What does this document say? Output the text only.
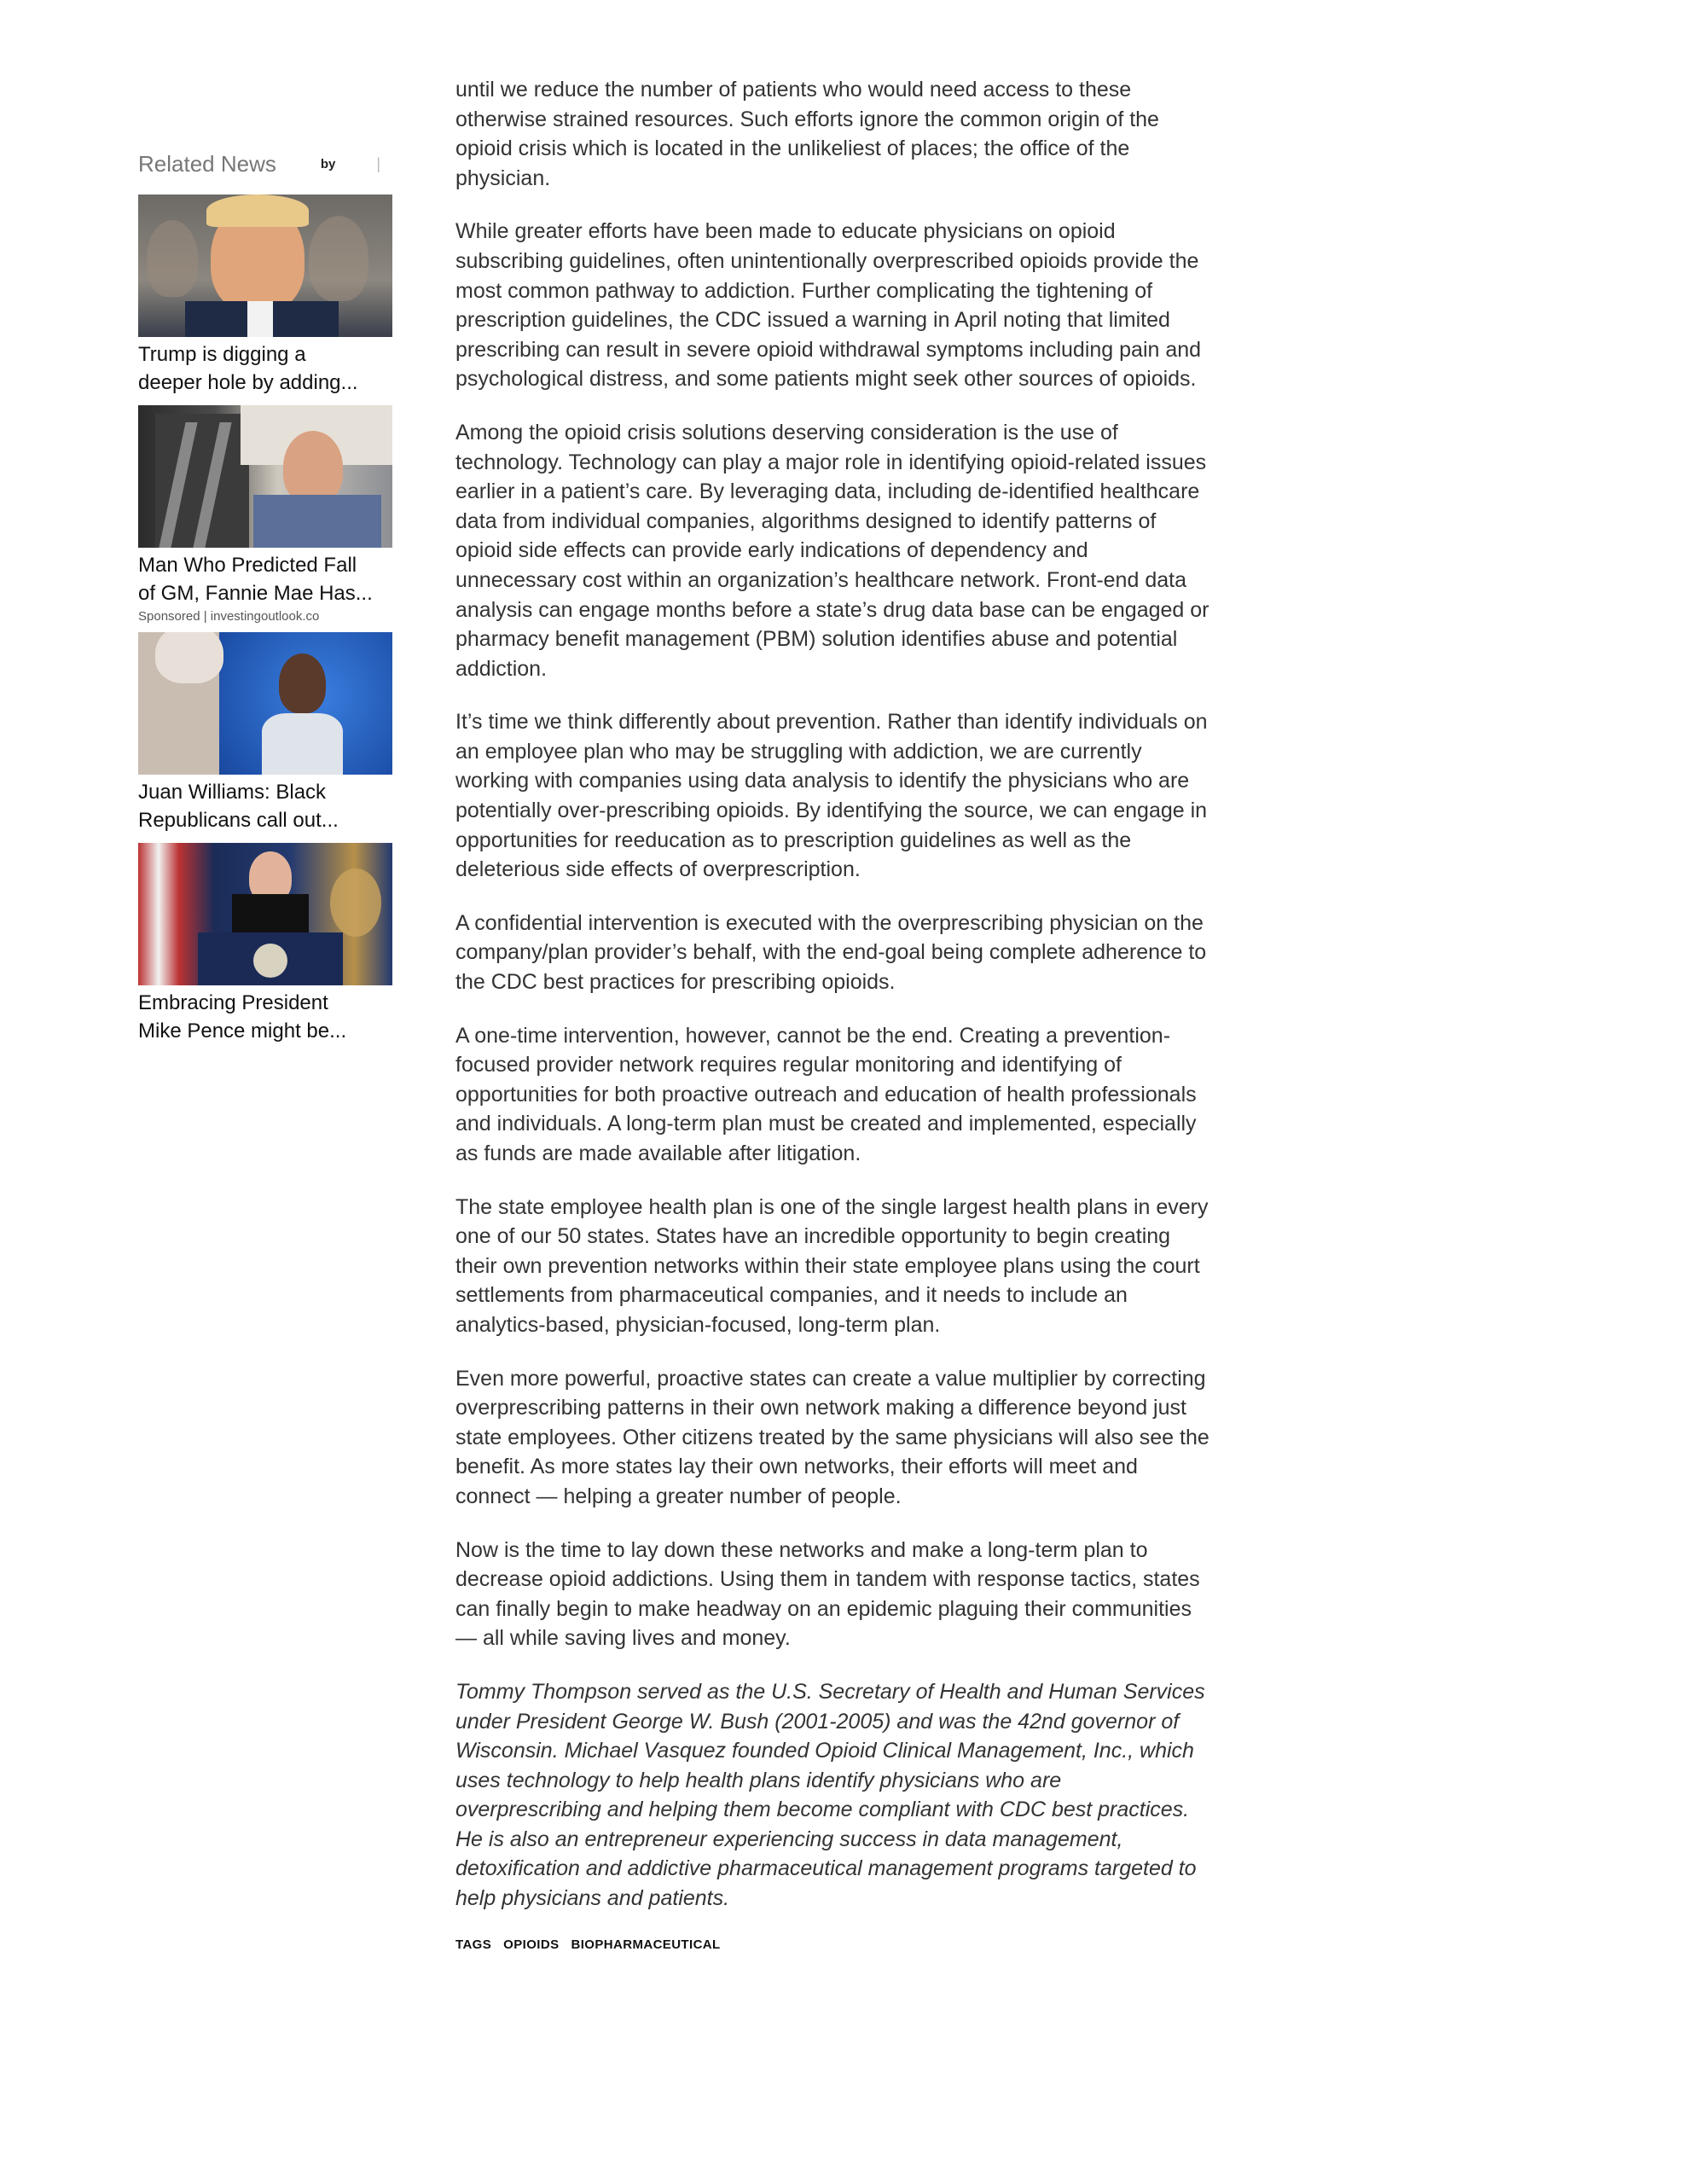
Related News	by	|
Trump is digging a
deeper hole by adding...
Man Who Predicted Fall
of GM, Fannie Mae Has...
Sponsored | investingoutlook.co
Juan Williams: Black
Republicans call out...
Embracing President
Mike Pence might be...

until we reduce the number of patients who would need access to these otherwise strained resources. Such efforts ignore the common origin of the opioid crisis which is located in the unlikeliest of places; the office of the physician.

While greater efforts have been made to educate physicians on opioid subscribing guidelines, often unintentionally overprescribed opioids provide the most common pathway to addiction. Further complicating the tightening of prescription guidelines, the CDC issued a warning in April noting that limited prescribing can result in severe opioid withdrawal symptoms including pain and psychological distress, and some patients might seek other sources of opioids.

Among the opioid crisis solutions deserving consideration is the use of technology. Technology can play a major role in identifying opioid-related issues earlier in a patient’s care. By leveraging data, including de-identified healthcare data from individual companies, algorithms designed to identify patterns of opioid side effects can provide early indications of dependency and unnecessary cost within an organization’s healthcare network. Front-end data analysis can engage months before a state’s drug data base can be engaged or pharmacy benefit management (PBM) solution identifies abuse and potential addiction.

It’s time we think differently about prevention. Rather than identify individuals on an employee plan who may be struggling with addiction, we are currently working with companies using data analysis to identify the physicians who are potentially over-prescribing opioids. By identifying the source, we can engage in opportunities for reeducation as to prescription guidelines as well as the deleterious side effects of overprescription.

A confidential intervention is executed with the overprescribing physician on the company/plan provider’s behalf, with the end-goal being complete adherence to the CDC best practices for prescribing opioids.

A one-time intervention, however, cannot be the end. Creating a prevention-focused provider network requires regular monitoring and identifying of opportunities for both proactive outreach and education of health professionals and individuals. A long-term plan must be created and implemented, especially as funds are made available after litigation.

The state employee health plan is one of the single largest health plans in every one of our 50 states. States have an incredible opportunity to begin creating their own prevention networks within their state employee plans using the court settlements from pharmaceutical companies, and it needs to include an analytics-based, physician-focused, long-term plan.

Even more powerful, proactive states can create a value multiplier by correcting overprescribing patterns in their own network making a difference beyond just state employees. Other citizens treated by the same physicians will also see the benefit. As more states lay their own networks, their efforts will meet and connect — helping a greater number of people.

Now is the time to lay down these networks and make a long-term plan to decrease opioid addictions. Using them in tandem with response tactics, states can finally begin to make headway on an epidemic plaguing their communities — all while saving lives and money.

Tommy Thompson served as the U.S. Secretary of Health and Human Services under President George W. Bush (2001-2005) and was the 42nd governor of Wisconsin. Michael Vasquez founded Opioid Clinical Management, Inc., which uses technology to help health plans identify physicians who are overprescribing and helping them become compliant with CDC best practices. He is also an entrepreneur experiencing success in data management, detoxification and addictive pharmaceutical management programs targeted to help physicians and patients.

TAGS OPIOIDS BIOPHARMACEUTICAL
